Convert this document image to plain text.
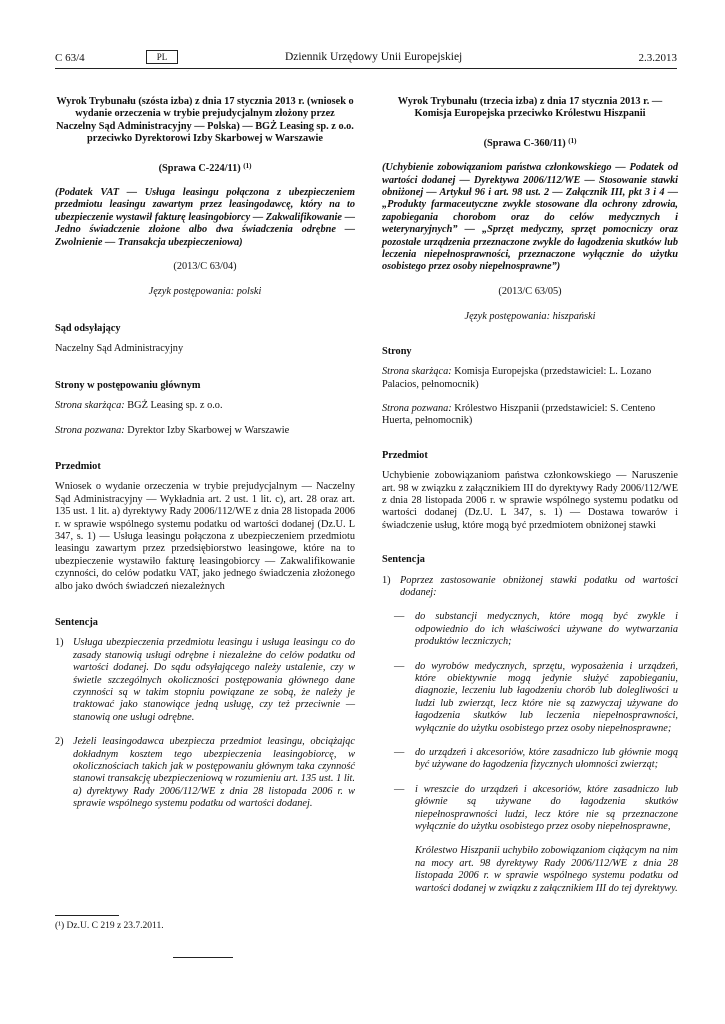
C 63/4	PL	Dziennik Urzędowy Unii Europejskiej	2.3.2013

Wyrok Trybunału (szósta izba) z dnia 17 stycznia 2013 r. (wniosek o wydanie orzeczenia w trybie prejudycjalnym złożony przez Naczelny Sąd Administracyjny — Polska) — BGŻ Leasing sp. z o.o. przeciwko Dyrektorowi Izby Skarbowej w Warszawie

(Sprawa C-224/11) $^{(1)}$

(Podatek VAT — Usługa leasingu połączona z ubezpieczeniem przedmiotu leasingu zawartym przez leasingodawcę, który na to ubezpieczenie wystawił fakturę leasingobiorcy — Zakwalifikowanie — Jedno świadczenie złożone albo dwa świadczenia odrębne — Zwolnienie — Transakcja ubezpieczeniowa)

(2013/C 63/04)

Język postępowania: polski

Sąd odsyłający

Naczelny Sąd Administracyjny

Strony w postępowaniu głównym

Strona skarżąca: BGŻ Leasing sp. z o.o.

Strona pozwana: Dyrektor Izby Skarbowej w Warszawie

Przedmiot

Wniosek o wydanie orzeczenia w trybie prejudycjalnym — Naczelny Sąd Administracyjny — Wykładnia art. 2 ust. 1 lit. c), art. 28 oraz art. 135 ust. 1 lit. a) dyrektywy Rady 2006/112/WE z dnia 28 listopada 2006 r. w sprawie wspólnego systemu podatku od wartości dodanej (Dz.U. L 347, s. 1) — Usługa leasingu połączona z ubezpieczeniem przedmiotu leasingu zawartym przez przedsiębiorstwo leasingowe, które na to ubezpieczenie wystawiło fakturę leasingobiorcy — Zakwalifikowanie czynności, do celów podatku VAT, jako jednego świadczenia złożonego albo jako dwóch świadczeń niezależnych

Sentencja

1) Usługa ubezpieczenia przedmiotu leasingu i usługa leasingu co do zasady stanowią usługi odrębne i niezależne do celów podatku od wartości dodanej. Do sądu odsyłającego należy ustalenie, czy w świetle szczególnych okoliczności postępowania głównego dane czynności są w takim stopniu powiązane ze sobą, że należy je traktować jako stanowiące jedną usługę, czy też przeciwnie — stanowią one usługi odrębne.
2) Jeżeli leasingodawca ubezpiecza przedmiot leasingu, obciążając dokładnym kosztem tego ubezpieczenia leasingobiorcę, w okolicznościach takich jak w postępowaniu głównym taka czynność stanowi transakcję ubezpieczeniową w rozumieniu art. 135 ust. 1 lit. a) dyrektywy Rady 2006/112/WE z dnia 28 listopada 2006 r. w sprawie wspólnego systemu podatku od wartości dodanej.
(¹) Dz.U. C 219 z 23.7.2011.

Wyrok Trybunału (trzecia izba) z dnia 17 stycznia 2013 r. — Komisja Europejska przeciwko Królestwu Hiszpanii

(Sprawa C-360/11) $^{(1)}$

(Uchybienie zobowiązaniom państwa członkowskiego — Podatek od wartości dodanej — Dyrektywa 2006/112/WE — Stosowanie stawki obniżonej — Artykuł 96 i art. 98 ust. 2 — Załącznik III, pkt 3 i 4 — „Produkty farmaceutyczne zwykle stosowane dla ochrony zdrowia, zapobiegania chorobom oraz do celów medycznych i weterynaryjnych” — „Sprzęt medyczny, sprzęt pomocniczy oraz pozostałe urządzenia przeznaczone zwykle do łagodzenia skutków lub leczenia niepełnosprawności, przeznaczone wyłącznie do użytku osobistego przez osoby niepełnosprawne”)

(2013/C 63/05)

Język postępowania: hiszpański

Strony

Strona skarżąca: Komisja Europejska (przedstawiciel: L. Lozano Palacios, pełnomocnik)

Strona pozwana: Królestwo Hiszpanii (przedstawiciel: S. Centeno Huerta, pełnomocnik)

Przedmiot

Uchybienie zobowiązaniom państwa członkowskiego — Naruszenie art. 98 w związku z załącznikiem III do dyrektywy Rady 2006/112/WE z dnia 28 listopada 2006 r. w sprawie wspólnego systemu podatku od wartości dodanej (Dz.U. L 347, s. 1) — Dostawa towarów i świadczenie usług, które mogą być przedmiotem obniżonej stawki

Sentencja

1) Poprzez zastosowanie obniżonej stawki podatku od wartości dodanej:
—	do substancji medycznych, które mogą być zwykle i odpowiednio do ich właściwości używane do wytwarzania produktów leczniczych;
—	do wyrobów medycznych, sprzętu, wyposażenia i urządzeń, które obiektywnie mogą jedynie służyć zapobieganiu, diagnozie, leczeniu lub łagodzeniu chorób lub dolegliwości u ludzi lub zwierząt, lecz które nie są zazwyczaj używane do łagodzenia skutków lub leczenia niepełnosprawności, wyłącznie do użytku osobistego przez osoby niepełnosprawne;
—	do urządzeń i akcesoriów, które zasadniczo lub głównie mogą być używane do łagodzenia fizycznych ułomności zwierząt;
—	i wreszcie do urządzeń i akcesoriów, które zasadniczo lub głównie są używane do łagodzenia skutków niepełnosprawności ludzi, lecz które nie są przeznaczone wyłącznie do użytku osobistego przez osoby niepełnosprawne,

Królestwo Hiszpanii uchybiło zobowiązaniom ciążącym na nim na mocy art. 98 dyrektywy Rady 2006/112/WE z dnia 28 listopada 2006 r. w sprawie wspólnego systemu podatku od wartości dodanej w związku z załącznikiem III do tej dyrektywy.
